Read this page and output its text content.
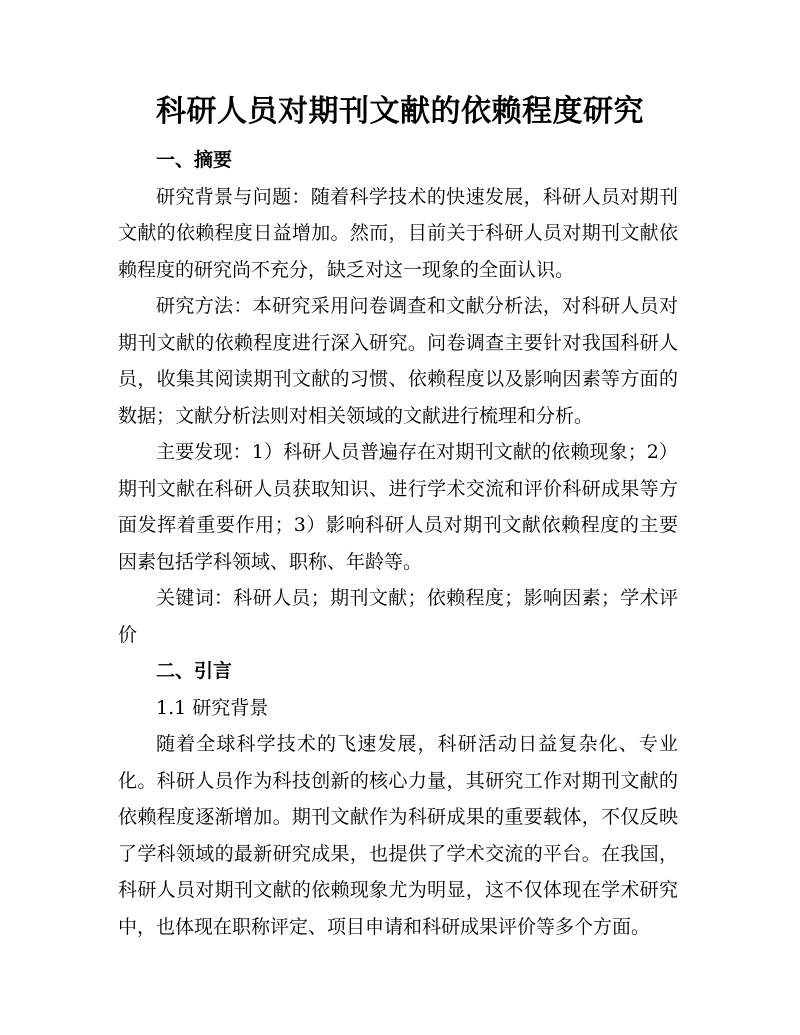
科研人员对期刊文献的依赖程度研究
一、摘要

研究背景与问题：随着科学技术的快速发展，科研人员对期刊文献的依赖程度日益增加。然而，目前关于科研人员对期刊文献依赖程度的研究尚不充分，缺乏对这一现象的全面认识。

研究方法：本研究采用问卷调查和文献分析法，对科研人员对期刊文献的依赖程度进行深入研究。问卷调查主要针对我国科研人员，收集其阅读期刊文献的习惯、依赖程度以及影响因素等方面的数据；文献分析法则对相关领域的文献进行梳理和分析。

主要发现：1）科研人员普遍存在对期刊文献的依赖现象；2）期刊文献在科研人员获取知识、进行学术交流和评价科研成果等方面发挥着重要作用；3）影响科研人员对期刊文献依赖程度的主要因素包括学科领域、职称、年龄等。

关键词：科研人员；期刊文献；依赖程度；影响因素；学术评价

二、引言
1.1 研究背景

随着全球科学技术的飞速发展，科研活动日益复杂化、专业化。科研人员作为科技创新的核心力量，其研究工作对期刊文献的依赖程度逐渐增加。期刊文献作为科研成果的重要载体，不仅反映了学科领域的最新研究成果，也提供了学术交流的平台。在我国，科研人员对期刊文献的依赖现象尤为明显，这不仅体现在学术研究中，也体现在职称评定、项目申请和科研成果评价等多个方面。
